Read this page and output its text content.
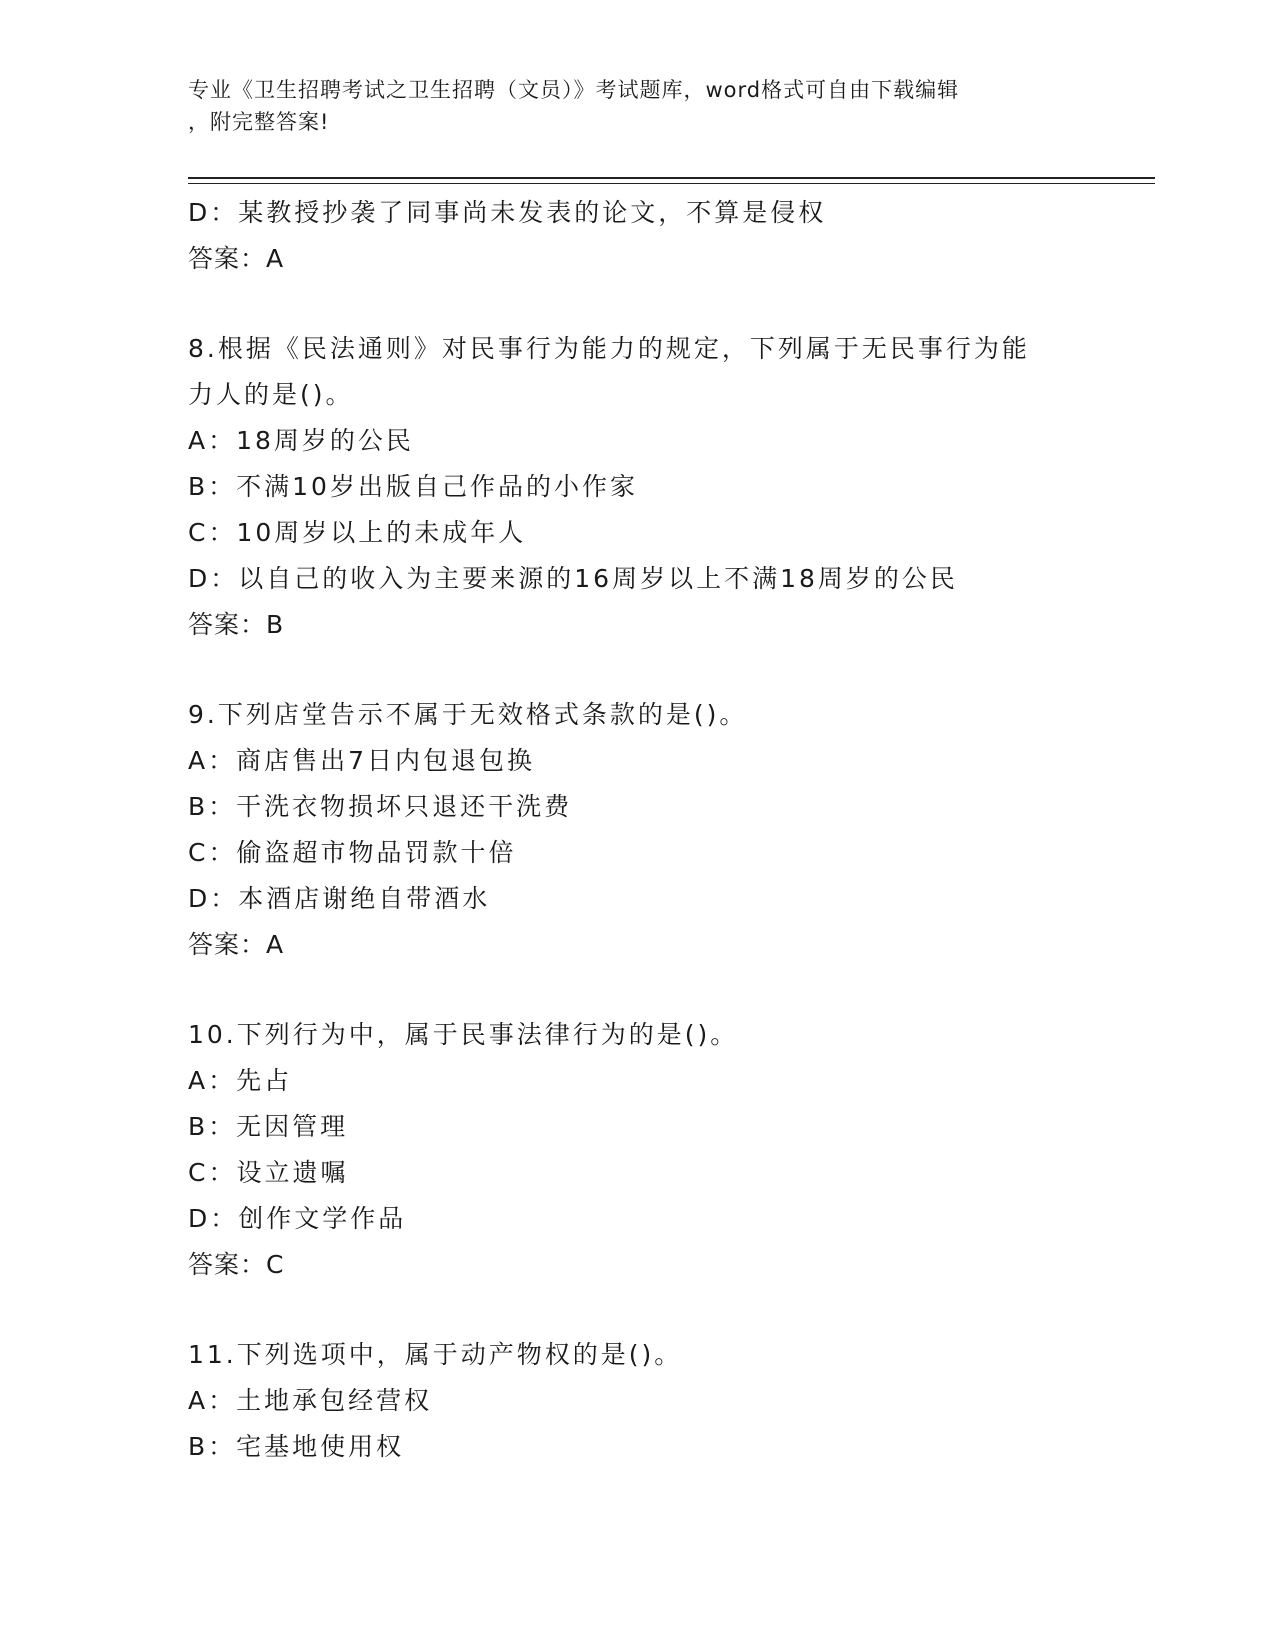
专业《卫生招聘考试之卫生招聘（文员）》考试题库，word格式可自由下载编辑
，附完整答案!
D：某教授抄袭了同事尚未发表的论文，不算是侵权
答案：A
8.根据《民法通则》对民事行为能力的规定，下列属于无民事行为能
力人的是()。
A：18周岁的公民
B：不满10岁出版自己作品的小作家
C：10周岁以上的未成年人
D：以自己的收入为主要来源的16周岁以上不满18周岁的公民
答案：B
9.下列店堂告示不属于无效格式条款的是()。
A：商店售出7日内包退包换
B：干洗衣物损坏只退还干洗费
C：偷盗超市物品罚款十倍
D：本酒店谢绝自带酒水
答案：A
10.下列行为中，属于民事法律行为的是()。
A：先占
B：无因管理
C：设立遗嘱
D：创作文学作品
答案：C
11.下列选项中，属于动产物权的是()。
A：土地承包经营权
B：宅基地使用权
